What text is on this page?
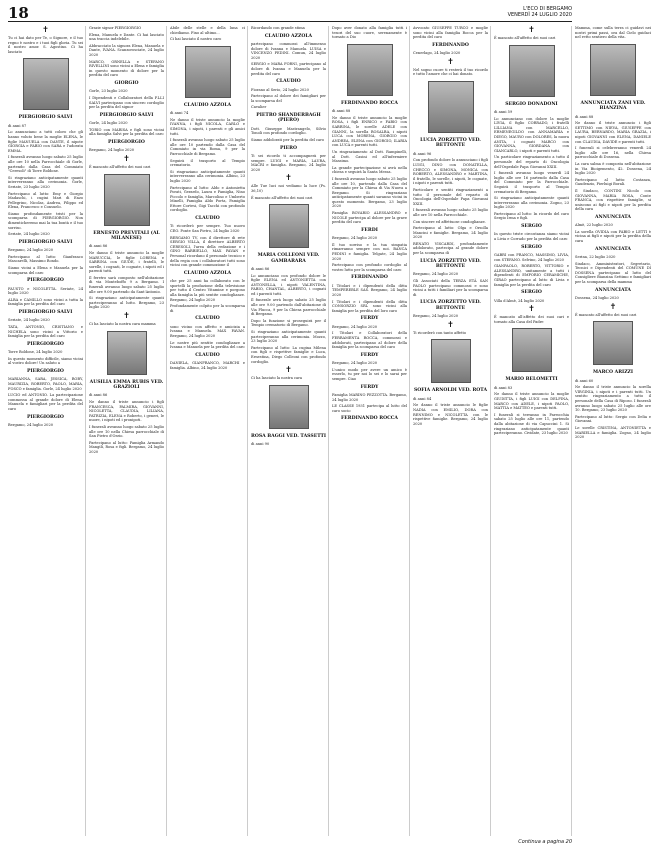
18	L'ECO DI BERGAMO
VENERDÌ 24 LUGLIO 2020
✝
Tu ci hai dato per Te, o Signore, e il tuo regno è nostro e i tuoi figli gloria. Tu sei il nostro amor. S. Agostino. Ci ha lasciato
PIERGIORGIO SALVI
di anni 87
Lo annunciano a tutti coloro che gli hanno voluto bene la moglie ELENA, le figlie MANUELA con DANTE, il nipote GIORGIA e FABIO con SARA e l'adorata EMMA.
I funerali avranno luogo sabato 25 luglio alle ore 10 nella Parrocchiale di Gorle, partendo dalla Casa del Commiato "Ceresoli" di Torre Boldone.
Si ringraziano anticipatamente quanti interverranno alla cerimonia. Gorle, Seriate, 23 luglio 2020
Partecipano al lutto: Emy e Giorgio Madaschi, i cugini Mari di Enzo Pellegrino, Nicolas, Andrea, Filippo ed Elena, Francesco e Consuelo.
Siamo profondamente tristi per la scomparsa di PIERGIORGIO. Non dimenticheremo mai la tua bontà e il tuo sorriso.
Seriate, 24 luglio 2020
PIERGIORGIO SALVI
Bergamo, 24 luglio 2020
Partecipano al lutto: Gianfranco Mascarelli, Massimo Rondo.
Siamo vicini a Elena e Manuela per la scomparsa del caro
PIERGIORGIO
FAUSTO e NICOLETTA. Seriate, 24 luglio 2020
ALBA e CAMILLO sono vicini a tutta la famiglia per la perdita del caro
PIERGIORGIO SALVI
Seriate, 24 luglio 2020
TATA, ANTONIO, CRISTIANO e NICHELA sono vicini a Vittorio e famiglia per la perdita del caro
PIERGIORGIO
Torre Boldone, 24 luglio 2020
In questo momento difficile, siamo vicini al vostro dolore! Un saluto a
PIERGIORGIO
MARIANNA, SARA, JESSICA, ROBY, MAURIZIA, ROBERTO, PAOLO, MARIA, FOSCO e famiglia. Gorle, 24 luglio 2020
LUCIO ed ANTONIO. La partecipazione commossa al grande dolore di Elena, Manuela e famigliari per la perdita del caro
PIERGIORGIO
Bergamo, 24 luglio 2020
Grazie signor PIERGIORGIO
Elena, Manuela e Dante. Ci hai lasciato una traccia indelebile.
Abbracciato la signora Elena, Manuela e Dante, IVANA. Scanzorosciate, 24 luglio 2020
MARCO, ORNELLA e STEFANO RIVELLINI sono vicini a Elena e famiglia in questo momento di dolore per la perdita del caro
GIORGIO
Gorle, 23 luglio 2020
I Dipendenti e Collaboratori della F.LLI SALVI partecipano con sincero cordoglio per la perdita del signor
PIERGIORGIO SALVI
Gorle, 24 luglio 2020
TORIO con MARISA e figli sono vicini alla famiglia Salvi per la perdita del caro
PIERGIORGIO
Bergamo, 24 luglio 2020
✝
È mancato all'affetto dei suoi cari
ERNESTO PREVITALI (AL MILANESE)
di anni 86
Ne danno il triste annuncio la moglie MARUCCIA, le figlie LORENA e SABRINA con GIUDE, i fratelli, le sorelle, i cognati, le cognate, i nipoti ed i parenti tutti.
Il feretro sarà composto nell'abitazione di via Monteboffo 9 a Bergamo. I funerali avranno luogo sabato 25 luglio alle ore 9.00 partendo da Sant'Antonio.
Si ringraziano anticipatamente quanti parteciperanno al lutto. Bergamo, 23 luglio 2020
✝
Ci ha lasciato la nostra cara mamma
AUSILIA EMMA RUBIS VED. GRAZIOLI
di anni 86
Ne danno il triste annuncio i figli FRANCESCA, PALMIRA, GIOVANNI, NICOLETTA, CLAUDIA, LILIANA, PATRIZIA, ELENA e Roberto, i generi, le nuore, i nipoti ed i pronipoti.
I funerali avranno luogo sabato 25 luglio alle ore 10 nella Chiesa parrocchiale di San Pietro d'Orzio.
Partecipano al lutto: Famiglia Armando Mangili, Rosa e figli. Bergamo, 24 luglio 2020
Abile delle stelle e della luna ci chiediamo. Fino al ultimo...
Ci hai lasciato il nostro caro
CLAUDIO AZZOLA
di anni 74
Ne danno il triste annuncio la moglie IVANNA, i figli NICOLA, CARLO e SIMONA, i nipoti, i parenti e gli amici tutti.
I funerali avranno luogo sabato 25 luglio alle ore 10 partendo dalla Casa del Commiato in via Roma, 9 per la Parrocchiale di Bergamo.
Seguirà il trasporto al Tempio crematorio.
Si ringraziano anticipatamente quanti interverranno alla cerimonia. Albino, 23 luglio 2020
Partecipano al lutto: Aldo e Antonietta Porati, Gerardo, Laura e Famiglia, Nino Piccolo e famiglia, Marcolino e Umberto Minelli, Famiglia Aldo Porta, Famiglia Ettore Cortesi, Gigi Tacchi con profondo cordoglio.
CLAUDIO
Ti ricorderò per sempre. Tuo nuovo CEO. Ponte San Pietro, 24 luglio 2020
BERGAMO TV, con il direttore di rete SERGIO VILLA, il direttore ALBERTO CERESOLI, l'area della redazione e i GINO BARBIELLO, MAX PAVAN e Personal ricordano il personale tecnico e della regia con i collaboratori tutti sono vicini con grande commozione il
CLAUDIO AZZOLA
che per 25 anni ha collaborato con le sportelli la produzione della televisione per tutto il Centro Vitamine e porgono alla famiglia la più sentite condoglianze. Bergamo, 24 luglio 2020
Profondamente colpito per la scomparsa di
CLAUDIO
sono vicino con affetto e amicizia a Ivanna e Manuela. MAX PAVAN. Bergamo, 24 luglio 2020
Le nostre più sentite condoglianze a Ivanna e Manuela per la perdita del caro
CLAUDIO
DANIELA, GIANFRANCO, MARCHI e famiglia. Albino, 24 luglio 2020
Ricordando con grande stima
CLAUDIO AZZOLA
partecipano commossi all'immenso dolore di Ivanna e Manuela. LUISA e VINCENZO PEDINI. Comun, 24 luglio 2020
SERGIO e MARA FORNI, partecipano al dolore di Ivanna e Manuela per la perdita del caro
CLAUDIO
Fiorano al Serio, 24 luglio 2020
Partecipano al dolore dei famigliari per la scomparsa del
Cavalier
PIETRO SHANDERBAGH (PIERO)
Dott. Giuseppe Mastrangelo, Silvio Tonoli con profondo cordoglio.
Siamo addolorati per la perdita del caro
PIERO
Ti sei ricordo ti accompagnerà per sempre. LUIGI e MARIA, LAURA, MACRI e famiglia. Bergamo, 24 luglio 2020
✝
Alle Tue luci noi vediamo la luce (Ps. 36,10)
È mancato all'affetto dei suoi cari
MARIA COLLEONI VED. GAMBARARA
di anni 86
Lo annunciano con profondo dolore le figlie ELENA ed ANTONIETTA con ANTONELLA, i nipoti VALENTINA, FABIO, CHANTAL, ALBERTO, i cognati ed i parenti tutti.
Il funerale avrà luogo sabato 25 luglio alle ore 9.00 partendo dall'abitazione di Via Plucca, 9 per la Chiesa parrocchiale di Bergamo.
Dopo la funzione si proseguirà per il Tempio crematorio di Bergamo.
Si ringraziano anticipatamente quanti parteciperanno alla cerimonia. Mozzo, 23 luglio 2020
Partecipano al lutto: La cugina Milena con figli e rispettive famiglie e Luca, Ernestina, Diego Colleoni con profondo cordoglio.
✝
Ci ha lasciato la nostra cara
ROSA BAGGI VED. TASSETTI
di anni 90
Dopo aver donato alla famiglia tutti i tesori del suo cuore, serenamente è tornato a Dio
FERDINANDO ROCCA
di anni 88
Ne danno il triste annuncio la moglie ROSA, i figli ENRICO e FABIO con SABRINA, le sorelle ADELE con GIANNI, la sorella ROSALBA, i nipoti LUCA con MORENA, GIORGIO con ANDREA, ELENA con GIORGIO, ILARIA con LUCA e parenti tutti.
Un ringraziamento al Dott. Rampinelli, al Dott. Casini ed all'infermiere Massimo.
La grande partecipazione si avrà nella chiesa e seguirà la Santa Messa.
I funerali avranno luogo sabato 25 luglio alle ore 10, partendo dalla Casa del Commiato per la Chiesa di Via Nuova a Bergamo. Si ringraziano anticipatamente quanti saranno vicini in questo momento. Bergamo, 23 luglio 2020
Famiglia BOVARIO ALESSANDRO e NICOLE partecipa al dolore per la grave perdita del caro
FERDI
Bergamo, 24 luglio 2020
Il tuo sorriso e la tua simpatia rimarranno sempre con noi. BANCA PEDINI e famiglia. Telgate, 24 luglio 2020
Partecipano con profondo cordoglio al vostro lutto per la scomparsa del caro
FERDINANDO
I Titolari e i dipendenti della ditta TEMPEREBLE SAS. Bergamo, 24 luglio 2020
I Titolari e i dipendenti della ditta CONSORZIO SRL sono vicini alla famiglia per la perdita del loro caro
FERDY
Bergamo, 24 luglio 2020
I Titolari e Collaboratori della FERRAMENTA ROCCA, commossi e addolorati, partecipano al dolore della famiglia per la scomparsa del caro
FERDY
Bergamo, 24 luglio 2020
L'unico modo per avere un amico è esserlo, tu per noi lo sei e lo sarai per sempre. Ciao
FERDY
Famiglia MARINO PEZZOTTA. Bergamo, 24 luglio 2020
LE CLASSE 1931 partecipa al lutto del caro socio
FERDINANDO ROCCA
Avvocato GIUSEPPE TURCO e moglie sono vicini alla famiglia Rocca per la perdita del caro
FERDINANDO
Cenerlago, 24 luglio 2020
✝
Nel sogno cuore ti resterà il tuo ricordo e tutto l'amore che ci hai donato.
LUCIA ZORZETTO VED. BETTONTE
di anni 96
Con profondo dolore lo annunciano i figli LUIGI, DINO con DONATELLA, CHECCO e SIMONA, MONICA con ROBERTO, ALESSANDRO e MARTINA, il fratello, le sorelle, i nipoti, le cognate, i nipoti e parenti tutti.
Particolare e sentiti ringraziamenti a tutto il personale del reparto di Oncologia dell'Ospedale Papa Giovanni XXIII.
I funerali avranno luogo sabato 25 luglio alle ore 10 nella Parrocchiale.
Con sincere ed affettuose condoglianze.
Partecipano al lutto: Olga e Orsolla Mancini e famiglie. Bergamo, 24 luglio 2020
RENATO VISCARDI, profondamente addolorato, partecipa al grande dolore per la scomparsa di
LUCIA ZORZETTO VED. BETTONTE
Bergamo, 24 luglio 2020
Gli Associati della TERZA ETÀ SAN PAOLO partecipano commossi e sono vicini a tutti i familiari per la scomparsa di
LUCIA ZORZETTO VED. BETTONTE
Bergamo, 24 luglio 2020
✝
Ti ricorderò con tanto affetto
SOFIA ARNOLDI VED. ROTA
di anni 84
Ne danno il triste annuncio le figlie NADIA con EMILIO, DORA con RENNIMO e NICOLETTA con le rispettive famiglie. Bergamo, 24 luglio 2020
✝
È mancato all'affetto dei suoi cari
SERGIO DONADONI
di anni 59
Lo annunciano con dolore la moglie LIVIA, il figlio CORRADO, i fratelli LILLIANA con MARCELLO, ERMENEGILDO con ANNAMARIA e DIEGO, MAURO con DOLORES, la nuora ANITA, i cognati MARCO con GIOVANNA, GIORDANA con GIANCARLO, i nipoti e parenti tutti.
Un particolare ringraziamento a tutto il personale del reparto di Oncologia dell'Ospedale Papa Giovanni XXIII.
I funerali avranno luogo venerdì 24 luglio alle ore 16 partendo dalla Casa del Commiato per la Parrocchiale. Seguirà il trasporto al Tempio crematorio di Bergamo.
Si ringraziano anticipatamente quanti interverranno alla cerimonia. Zogno, 23 luglio 2020
Partecipano al lutto: In ricordo del caro Sergio Irma e figli.
SERGIO
In questo triste circostanza siamo vicini a Livia e Corrado per la perdita del caro
SERGIO
GABRI con FRANCO, MASSIMO, LIVIA, con STEFANO. Selvino, 24 luglio 2020
GIANPAOLO, ROBERTO, VITTORIO e ALESSANDRO, unitamente a tutti i dipendenti di EMPORIO CERAMICHE, GIRAO partecipano al lutto di Livia e famiglia per la perdita del caro
SERGIO
Villa d'Almè, 24 luglio 2020
✝
È mancato all'affetto dei suoi cari e tornato alla Casa del Padre
MARIO BELOMETTI
di anni 83
Ne danno il triste annuncio la moglie GIUDITTA, i figli LUIGI con DELFINA, MARCO con ADELE, i nipoti PAOLO, MATTIA e MATTEO e parenti tutti.
I funerali si terranno in Parrocchia sabato 25 luglio alle ore 11, partendo dalla abitazione di via Capuccini 1. Si ringraziano anticipatamente quanti parteciperanno. Cividate, 23 luglio 2020
Mamma, come sulla terra ci guidavi nei nostri primi passi, ora dal Cielo guidaci nel retto sentiero della vita.
ANNUNCIATA ZANI VED. BIANZINA
di anni 88
Ne danno il triste annuncio i figli SETTIMO con NIEVA, GIUSEPPE con LAURA, BERNARDO, MARIA GRAZIA, i nipoti GIOVANNI con ELENA, DANIELE con CLAUDIA, DAVIDE e parenti tutti.
I funerali si celebreranno venerdì 24 luglio alle ore 16, nella Chiesa parrocchiale di Dossena.
La cara salma è composta nell'abitazione in Via Bioigemento, 42. Dossena, 24 luglio 2020
Partecipano al lutto: Costanza, Gaudenzio, Pierluigi Borali.
Il Sindaco, CONTINI Nicolo con GIOVANNA, MARIA ROSA, Conte FRANCA, con rispettive famiglie, si uniscono ai figli e nipoti per la perdita della cara
ANNUNCIATA
Almè, 22 luglio 2020
La sorella OVIDIA con FABIO e LETTI è vicina ai figli e nipoti per la perdita della cara
ANNUNCIATA
Serina, 22 luglio 2020
Sindaco, Amministratori, Segretario, Tecnici e Dipendenti del COMUNE DI DOSSENA partecipano al lutto del Consigliere Bianzina Settimo e famigliari per la scomparsa della mamma
ANNUNCIATA
Dossena, 24 luglio 2020
✝
È mancato all'affetto dei suoi cari
MARCO ARIZZI
di anni 60
Ne danno il triste annuncio la sorella VIRGINIA, i nipoti e i parenti tutti. Un sentito ringraziamento a tutto il personale della Casa di Riposo. I funerali avranno luogo sabato 25 luglio alle ore 10. Bergamo, 23 luglio 2020
Partecipano al lutto: Sergio con Delia e Giovanni.
Le sorelle CRISTINA, ANTONIETTA e MARIELLA e famiglia. Zogno, 24 luglio 2020
Continua a pagina 20
